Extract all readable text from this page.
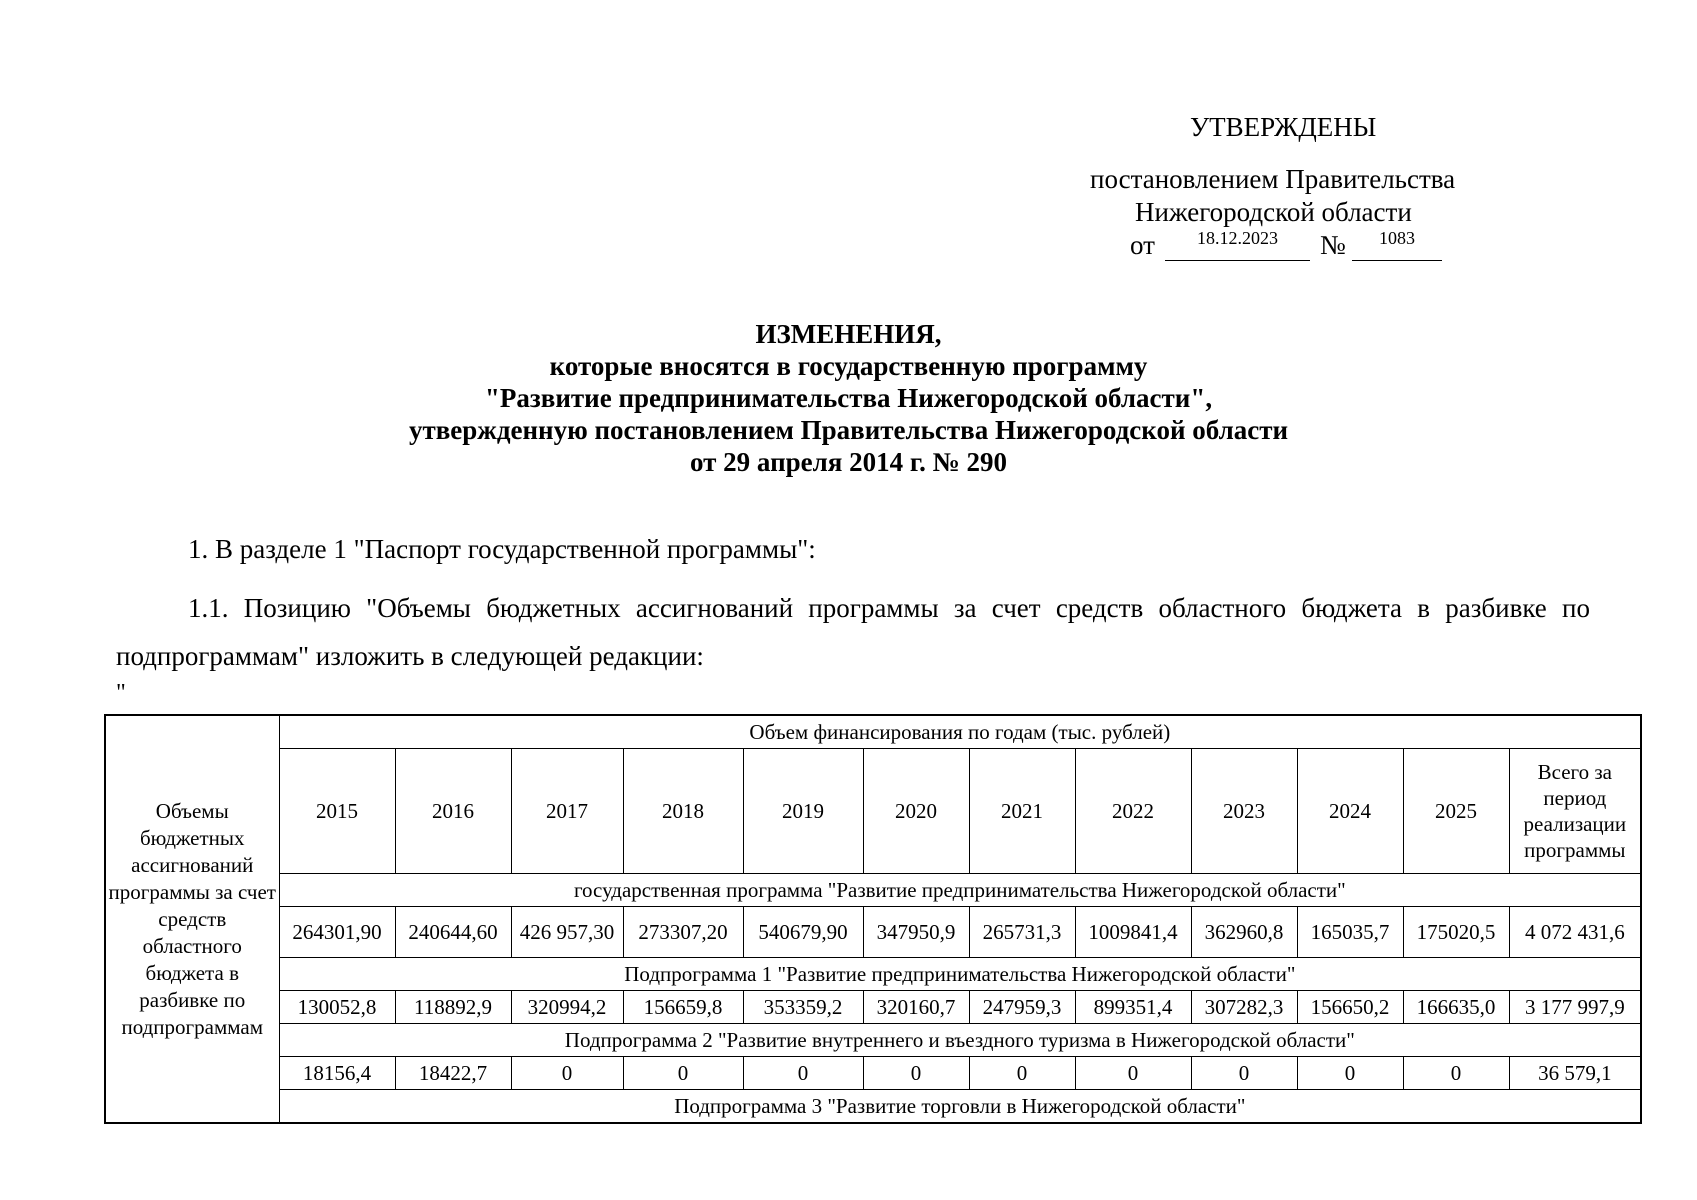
УТВЕРЖДЕНЫ
постановлением Правительства
Нижегородской области
от	18.12.2023	№	1083
ИЗМЕНЕНИЯ,
которые вносятся в государственную программу
"Развитие предпринимательства Нижегородской области",
утвержденную постановлением Правительства Нижегородской области
от 29 апреля 2014 г. № 290
1. В разделе 1 "Паспорт государственной программы":
1.1. Позицию "Объемы бюджетных ассигнований программы за счет средств областного бюджета в разбивке по
подпрограммам" изложить в следующей редакции:
"
Объемы бюджетных ассигнований программы за счет средств областного бюджета в разбивке по подпрограммам	Объем финансирования по годам (тыс. рублей)											
	2015	2016	2017	2018	2019	2020	2021	2022	2023	2024	2025	Всего за период реализации программы
	государственная программа "Развитие предпринимательства Нижегородской области"											
	264301,90	240644,60	426 957,30	273307,20	540679,90	347950,9	265731,3	1009841,4	362960,8	165035,7	175020,5	4 072 431,6
	Подпрограмма 1 "Развитие предпринимательства Нижегородской области"											
	130052,8	118892,9	320994,2	156659,8	353359,2	320160,7	247959,3	899351,4	307282,3	156650,2	166635,0	3 177 997,9
	Подпрограмма 2 "Развитие внутреннего и въездного туризма в Нижегородской области"											
	18156,4	18422,7	0	0	0	0	0	0	0	0	0	36 579,1
	Подпрограмма 3 "Развитие торговли в Нижегородской области"											
